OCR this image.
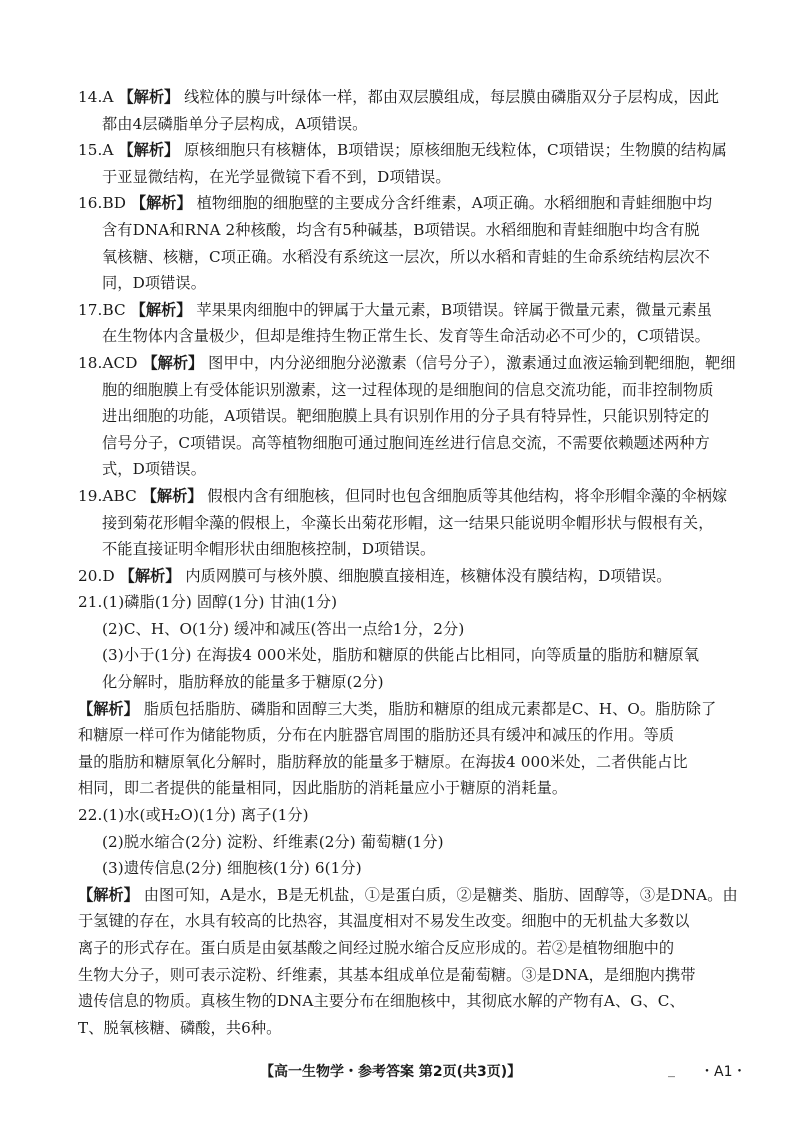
14.A 【解析】 线粒体的膜与叶绿体一样，都由双层膜组成，每层膜由磷脂双分子层构成，因此
都由4层磷脂单分子层构成，A项错误。
15.A 【解析】 原核细胞只有核糖体，B项错误；原核细胞无线粒体，C项错误；生物膜的结构属
于亚显微结构，在光学显微镜下看不到，D项错误。
16.BD 【解析】 植物细胞的细胞壁的主要成分含纤维素，A项正确。水稻细胞和青蛙细胞中均
含有DNA和RNA 2种核酸，均含有5种碱基，B项错误。水稻细胞和青蛙细胞中均含有脱
氧核糖、核糖，C项正确。水稻没有系统这一层次，所以水稻和青蛙的生命系统结构层次不
同，D项错误。
17.BC 【解析】 苹果果肉细胞中的钾属于大量元素，B项错误。锌属于微量元素，微量元素虽
在生物体内含量极少，但却是维持生物正常生长、发育等生命活动必不可少的，C项错误。
18.ACD 【解析】 图甲中，内分泌细胞分泌激素（信号分子），激素通过血液运输到靶细胞，靶细
胞的细胞膜上有受体能识别激素，这一过程体现的是细胞间的信息交流功能，而非控制物质
进出细胞的功能，A项错误。靶细胞膜上具有识别作用的分子具有特异性，只能识别特定的
信号分子，C项错误。高等植物细胞可通过胞间连丝进行信息交流，不需要依赖题述两种方
式，D项错误。
19.ABC 【解析】 假根内含有细胞核，但同时也包含细胞质等其他结构，将伞形帽伞藻的伞柄嫁
接到菊花形帽伞藻的假根上，伞藻长出菊花形帽，这一结果只能说明伞帽形状与假根有关，
不能直接证明伞帽形状由细胞核控制，D项错误。
20.D 【解析】 内质网膜可与核外膜、细胞膜直接相连，核糖体没有膜结构，D项错误。
21.(1)磷脂(1分) 固醇(1分) 甘油(1分)
(2)C、H、O(1分) 缓冲和减压(答出一点给1分，2分)
(3)小于(1分) 在海拔4 000米处，脂肪和糖原的供能占比相同，向等质量的脂肪和糖原氧
化分解时，脂肪释放的能量多于糖原(2分)
【解析】 脂质包括脂肪、磷脂和固醇三大类，脂肪和糖原的组成元素都是C、H、O。脂肪除了
和糖原一样可作为储能物质，分布在内脏器官周围的脂肪还具有缓冲和减压的作用。等质
量的脂肪和糖原氧化分解时，脂肪释放的能量多于糖原。在海拔4 000米处，二者供能占比
相同，即二者提供的能量相同，因此脂肪的消耗量应小于糖原的消耗量。
22.(1)水(或H₂O)(1分) 离子(1分)
(2)脱水缩合(2分) 淀粉、纤维素(2分) 葡萄糖(1分)
(3)遗传信息(2分) 细胞核(1分) 6(1分)
【解析】 由图可知，A是水，B是无机盐，①是蛋白质，②是糖类、脂肪、固醇等，③是DNA。由
于氢键的存在，水具有较高的比热容，其温度相对不易发生改变。细胞中的无机盐大多数以
离子的形式存在。蛋白质是由氨基酸之间经过脱水缩合反应形成的。若②是植物细胞中的
生物大分子，则可表示淀粉、纤维素，其基本组成单位是葡萄糖。③是DNA，是细胞内携带
遗传信息的物质。真核生物的DNA主要分布在细胞核中，其彻底水解的产物有A、G、C、
T、脱氧核糖、磷酸，共6种。
【高一生物学・参考答案 第2页(共3页)】	_ ・A1・
